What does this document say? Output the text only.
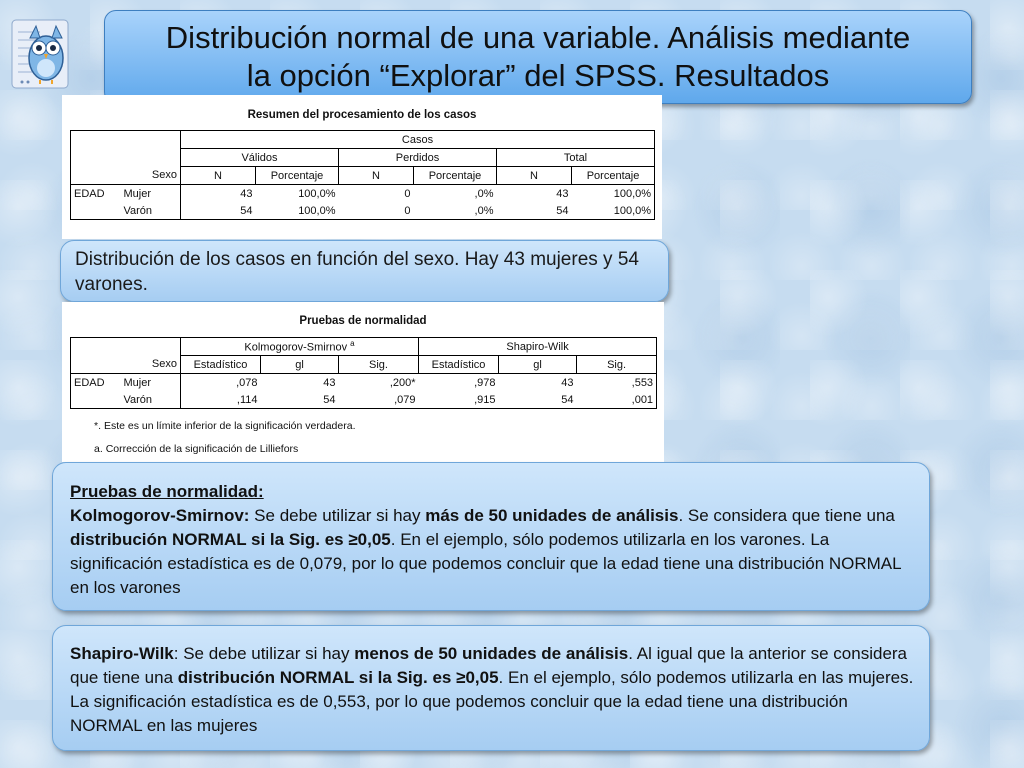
Distribución normal de una variable. Análisis mediante
la opción “Explorar” del SPSS. Resultados
Resumen del procesamiento de los casos
		Casos					
		Válidos		Perdidos		Total	
	Sexo	N	Porcentaje	N	Porcentaje	N	Porcentaje
EDAD	Mujer	43	100,0%	0	,0%	43	100,0%
	Varón	54	100,0%	0	,0%	54	100,0%
Distribución de los casos en función del sexo. Hay 43 mujeres y 54 varones.
Pruebas de normalidad
		Kolmogorov-Smirnov $^a$			Shapiro-Wilk		
	Sexo	Estadístico	gl	Sig.	Estadístico	gl	Sig.
EDAD	Mujer	,078	43	,200*	,978	43	,553
	Varón	,114	54	,079	,915	54	,001
*. Este es un límite inferior de la significación verdadera.
a. Corrección de la significación de Lilliefors
Pruebas de normalidad:
Kolmogorov-Smirnov: Se debe utilizar si hay más de 50 unidades de análisis. Se considera que tiene una distribución NORMAL si la Sig. es ≥0,05. En el ejemplo, sólo podemos utilizarla en los varones. La significación estadística es de 0,079, por lo que podemos concluir que la edad tiene una distribución NORMAL en los varones
Shapiro-Wilk: Se debe utilizar si hay menos de 50 unidades de análisis. Al igual que la anterior se considera que tiene una distribución NORMAL si la Sig. es ≥0,05. En el ejemplo, sólo podemos utilizarla en las mujeres. La significación estadística es de 0,553, por lo que podemos concluir que la edad tiene una distribución NORMAL en las mujeres
